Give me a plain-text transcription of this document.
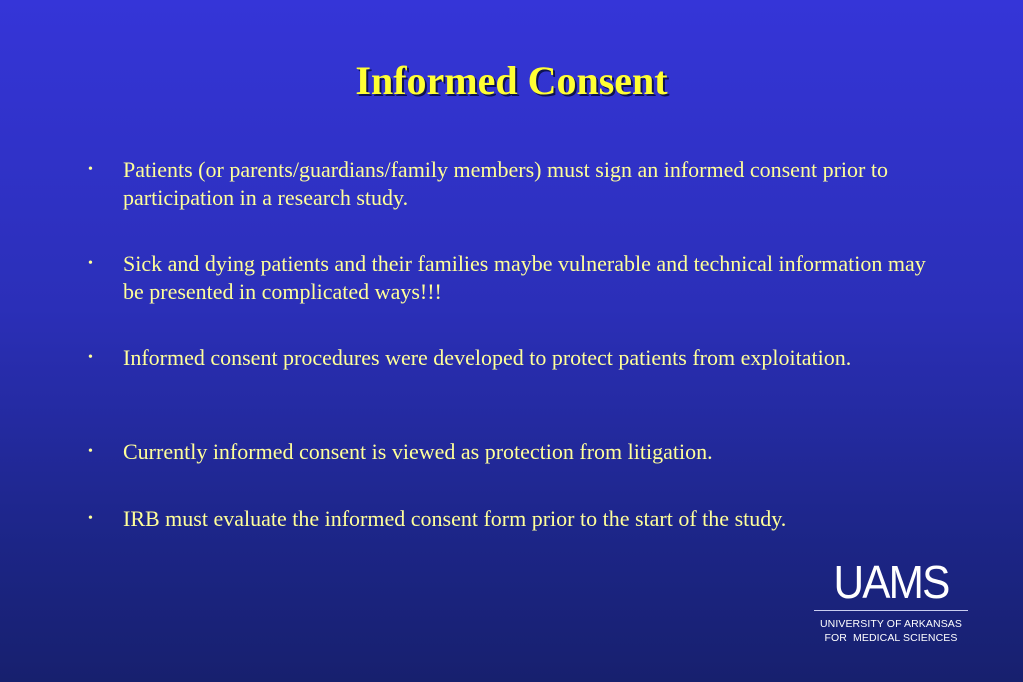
Informed Consent
•	Patients (or parents/guardians/family members) must sign an informed consent prior to participation in a research study.
•	Sick and dying patients and their families maybe vulnerable and technical information may be presented in complicated ways!!!
•	Informed consent procedures were developed to protect patients from exploitation.
•	Currently informed consent is viewed as protection from litigation.
•	IRB must evaluate the informed consent form prior to the start of the study.
UAMS
UNIVERSITY OF ARKANSAS
FOR  MEDICAL SCIENCES
